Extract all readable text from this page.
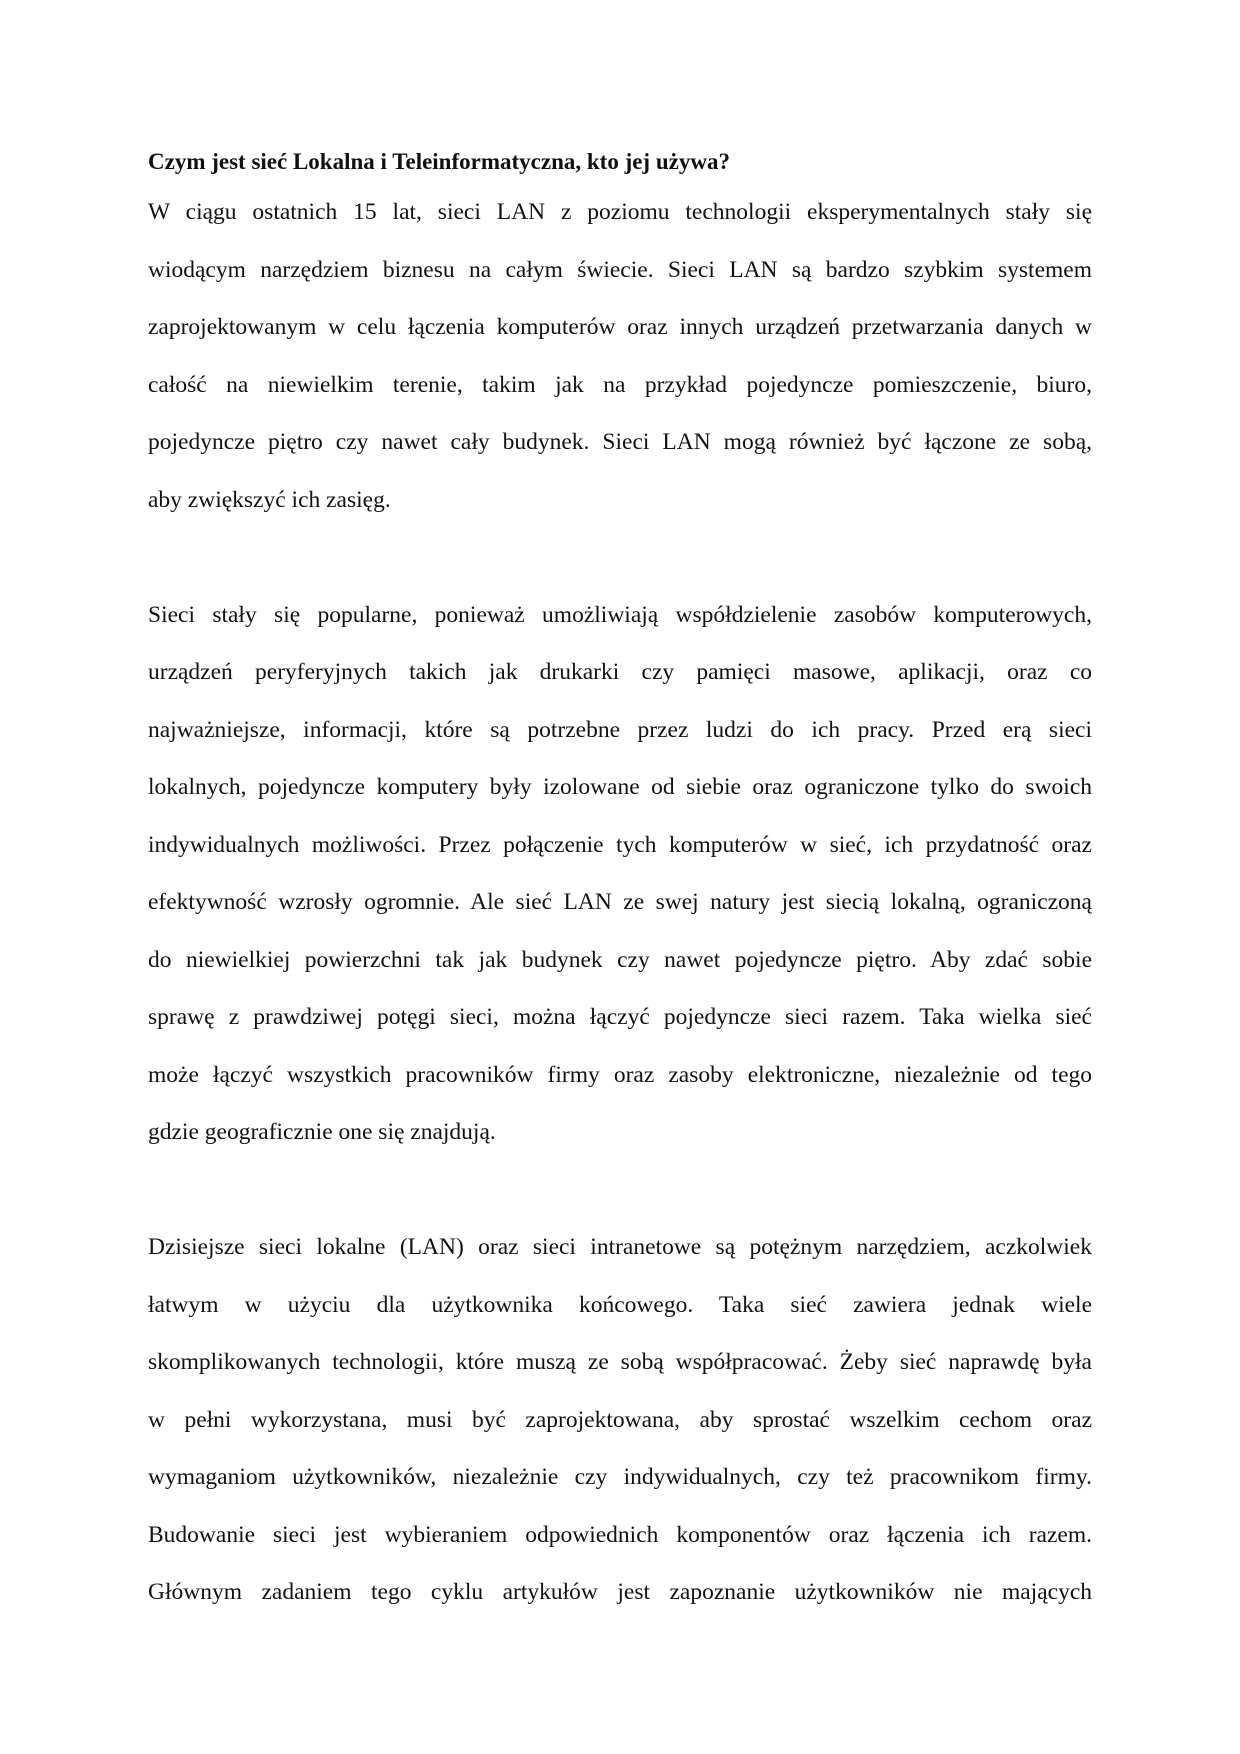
Czym jest sieć Lokalna i Teleinformatyczna, kto jej używa?
W ciągu ostatnich 15 lat, sieci LAN z poziomu technologii eksperymentalnych stały się
wiodącym narzędziem biznesu na całym świecie. Sieci LAN są bardzo szybkim systemem
zaprojektowanym w celu łączenia komputerów oraz innych urządzeń przetwarzania danych w
całość na niewielkim terenie, takim jak na przykład pojedyncze pomieszczenie, biuro,
pojedyncze piętro czy nawet cały budynek. Sieci LAN mogą również być łączone ze sobą,
aby zwiększyć ich zasięg.
Sieci stały się popularne, ponieważ umożliwiają współdzielenie zasobów komputerowych,
urządzeń peryferyjnych takich jak drukarki czy pamięci masowe, aplikacji, oraz co
najważniejsze, informacji, które są potrzebne przez ludzi do ich pracy. Przed erą sieci
lokalnych, pojedyncze komputery były izolowane od siebie oraz ograniczone tylko do swoich
indywidualnych możliwości. Przez połączenie tych komputerów w sieć, ich przydatność oraz
efektywność wzrosły ogromnie. Ale sieć LAN ze swej natury jest siecią lokalną, ograniczoną
do niewielkiej powierzchni tak jak budynek czy nawet pojedyncze piętro. Aby zdać sobie
sprawę z prawdziwej potęgi sieci, można łączyć pojedyncze sieci razem. Taka wielka sieć
może łączyć wszystkich pracowników firmy oraz zasoby elektroniczne, niezależnie od tego
gdzie geograficznie one się znajdują.
Dzisiejsze sieci lokalne (LAN) oraz sieci intranetowe są potężnym narzędziem, aczkolwiek
łatwym w użyciu dla użytkownika końcowego. Taka sieć zawiera jednak wiele
skomplikowanych technologii, które muszą ze sobą współpracować. Żeby sieć naprawdę była
w pełni wykorzystana, musi być zaprojektowana, aby sprostać wszelkim cechom oraz
wymaganiom użytkowników, niezależnie czy indywidualnych, czy też pracownikom firmy.
Budowanie sieci jest wybieraniem odpowiednich komponentów oraz łączenia ich razem.
Głównym zadaniem tego cyklu artykułów jest zapoznanie użytkowników nie mających
